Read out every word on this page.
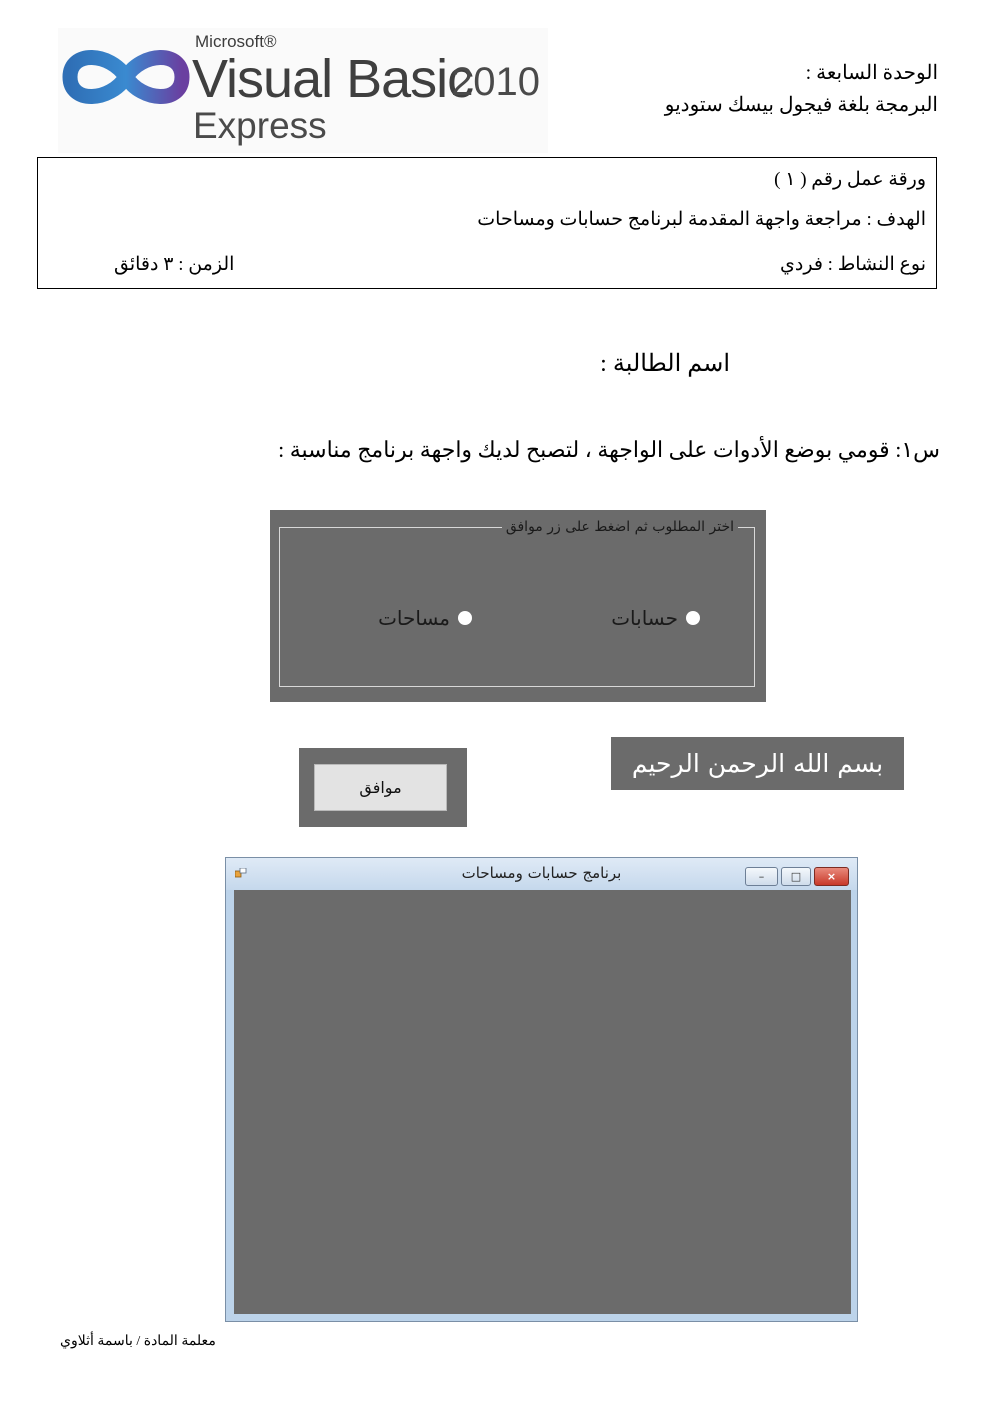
Microsoft®
Visual Basic
2010
Express
الوحدة السابعة :
البرمجة بلغة فيجول بيسك ستوديو
ورقة عمل رقم ( ١ )
الهدف : مراجعة واجهة المقدمة لبرنامج حسابات ومساحات
نوع النشاط : فردي
الزمن : ٣ دقائق
اسم الطالبة :
س١: قومي بوضع الأدوات على الواجهة ، لتصبح لديك واجهة برنامج مناسبة :
اختر المطلوب ثم اضغط على زر موافق
حسابات
مساحات
موافق
بسم الله الرحمن الرحيم
برنامج حسابات ومساحات	–	□	×
معلمة المادة / باسمة أثلاوي
